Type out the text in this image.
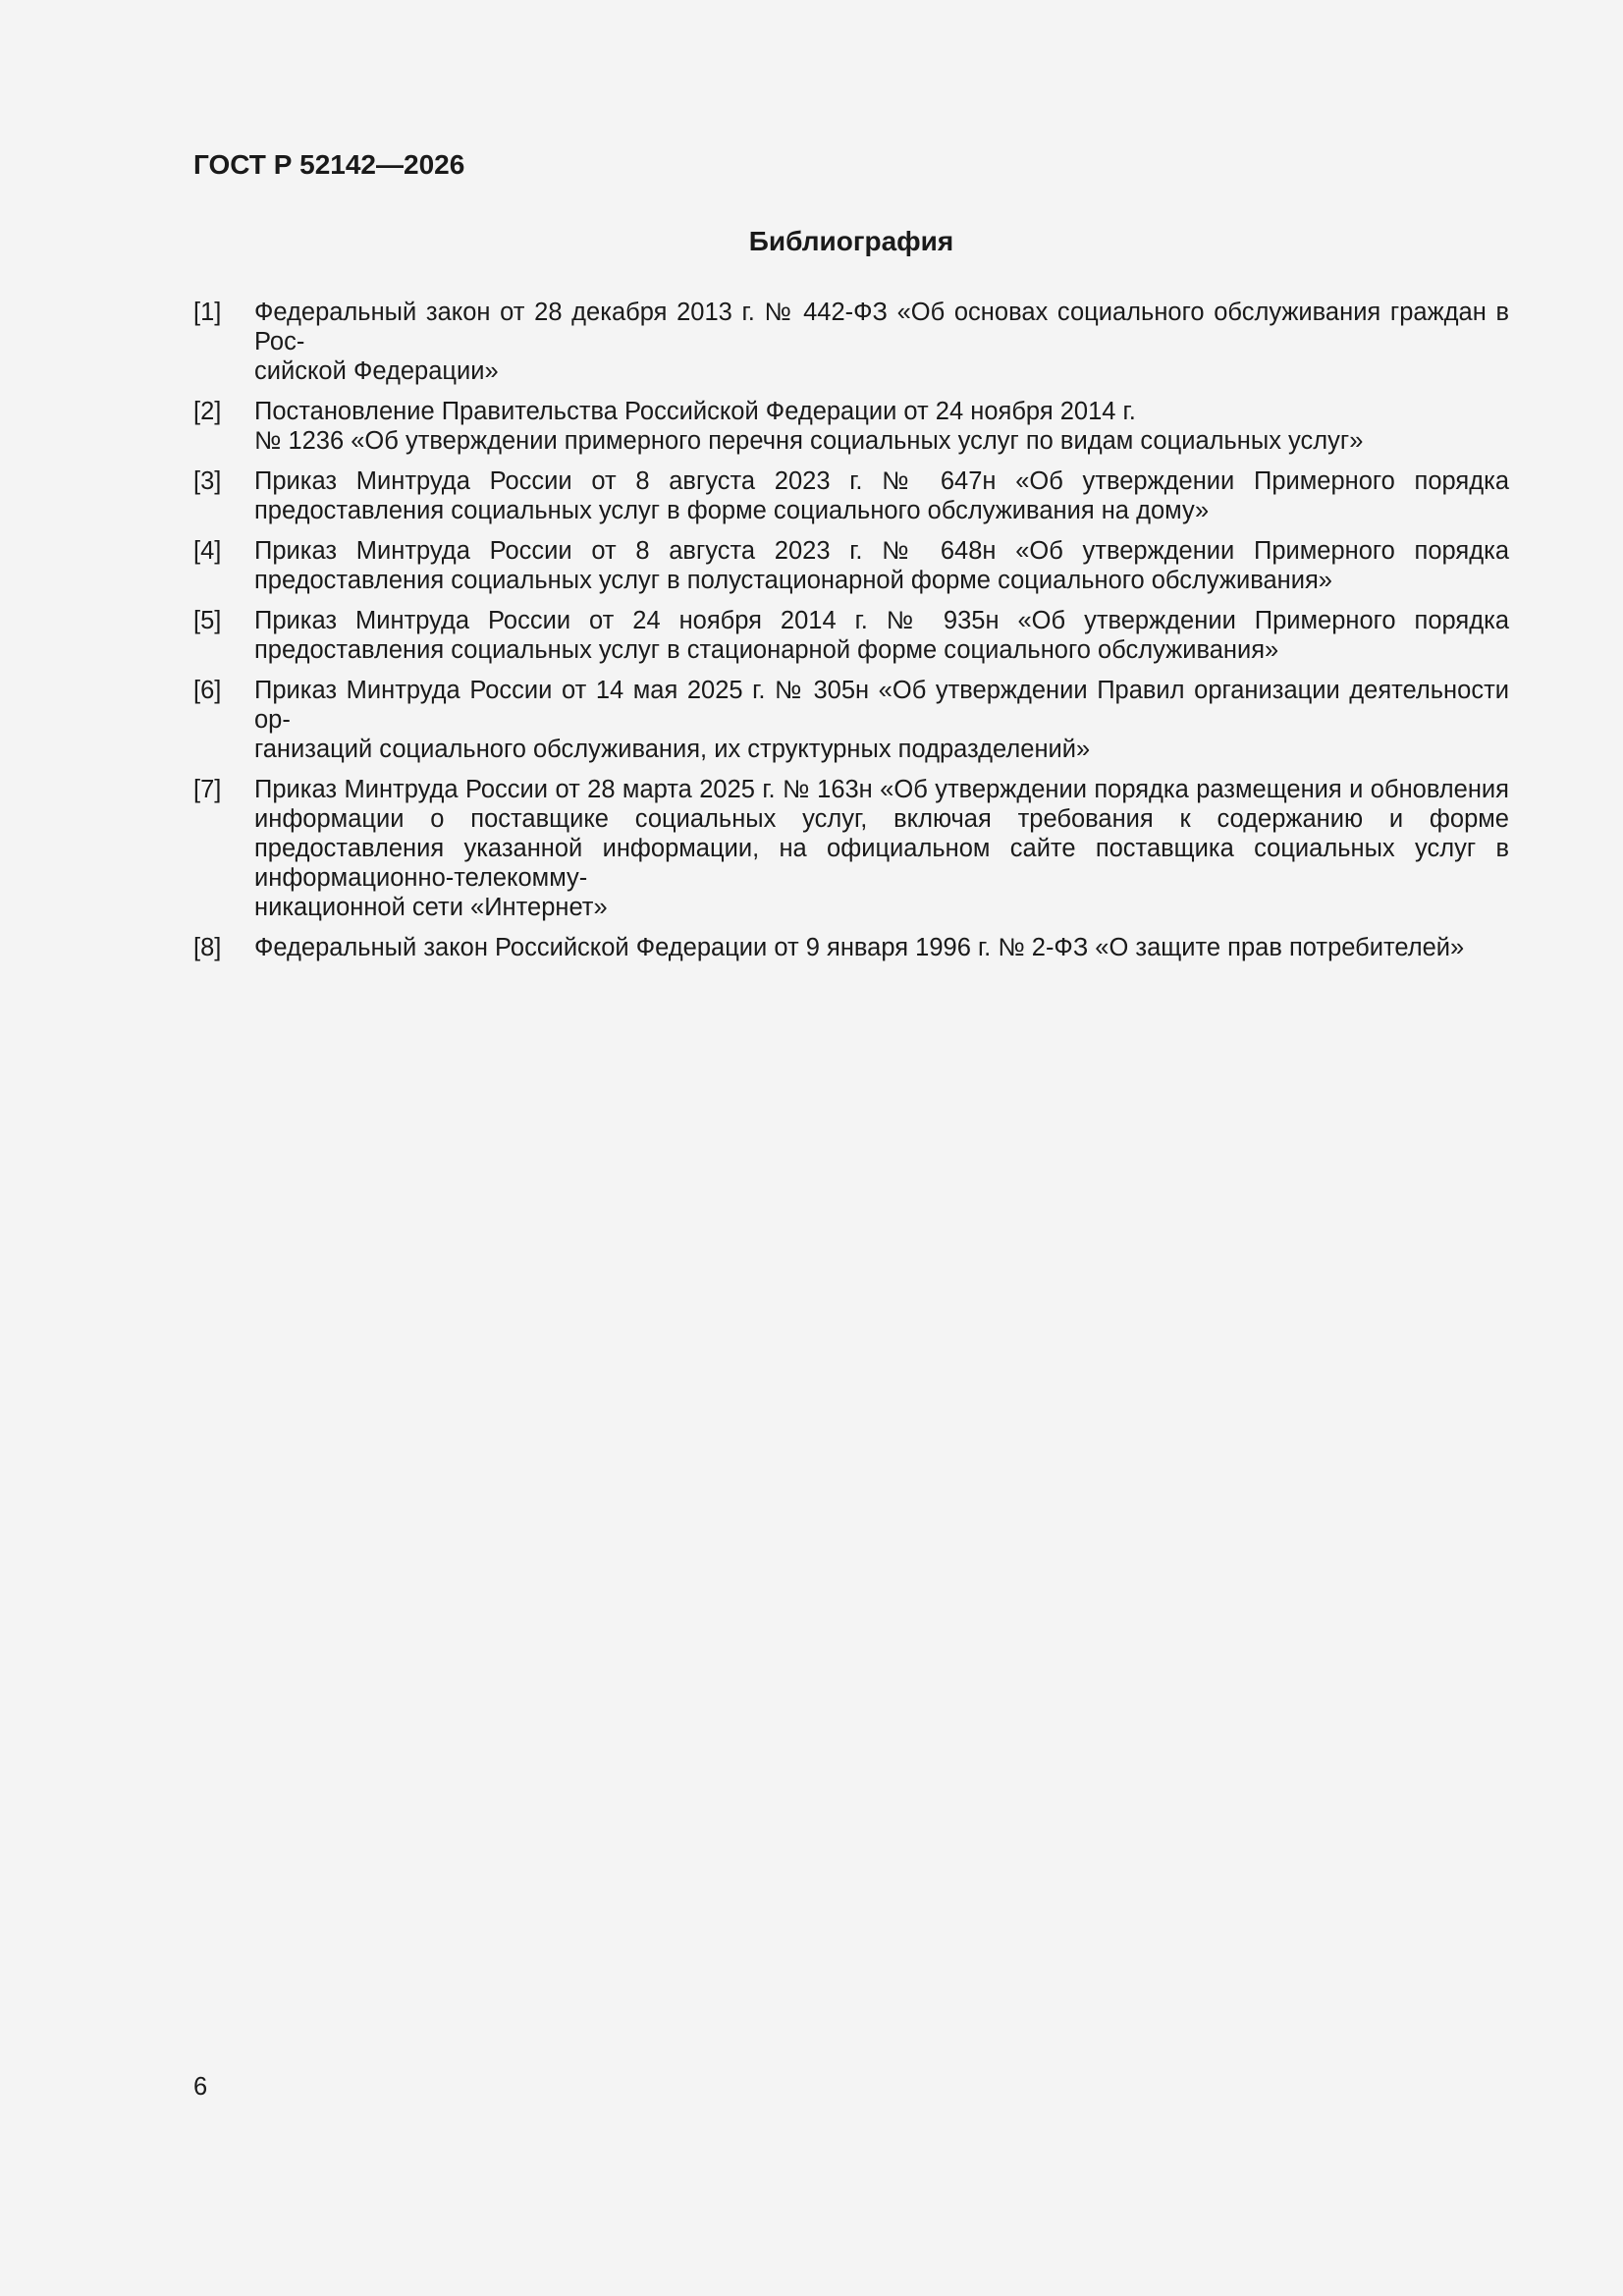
ГОСТ Р 52142—2026
Библиография
[1]	Федеральный закон от 28 декабря 2013 г. № 442-ФЗ «Об основах социального обслуживания граждан в Рос-
сийской Федерации»
[2]	Постановление Правительства Российской Федерации от 24 ноября 2014 г.
№ 1236 «Об утверждении примерного перечня социальных услуг по видам социальных услуг»
[3]	Приказ Минтруда России от 8 августа 2023 г. № 647н «Об утверждении Примерного порядка предоставления социальных услуг в форме социального обслуживания на дому»
[4]	Приказ Минтруда России от 8 августа 2023 г. № 648н «Об утверждении Примерного порядка предоставления социальных услуг в полустационарной форме социального обслуживания»
[5]	Приказ Минтруда России от 24 ноября 2014 г. № 935н «Об утверждении Примерного порядка предоставления социальных услуг в стационарной форме социального обслуживания»
[6]	Приказ Минтруда России от 14 мая 2025 г. № 305н «Об утверждении Правил организации деятельности ор-
ганизаций социального обслуживания, их структурных подразделений»
[7]	Приказ Минтруда России от 28 марта 2025 г. № 163н «Об утверждении порядка размещения и обновления информации о поставщике социальных услуг, включая требования к содержанию и форме предоставления указанной информации, на официальном сайте поставщика социальных услуг в информационно-телекомму-
никационной сети «Интернет»
[8]	Федеральный закон Российской Федерации от 9 января 1996 г. № 2-ФЗ «О защите прав потребителей»
6
